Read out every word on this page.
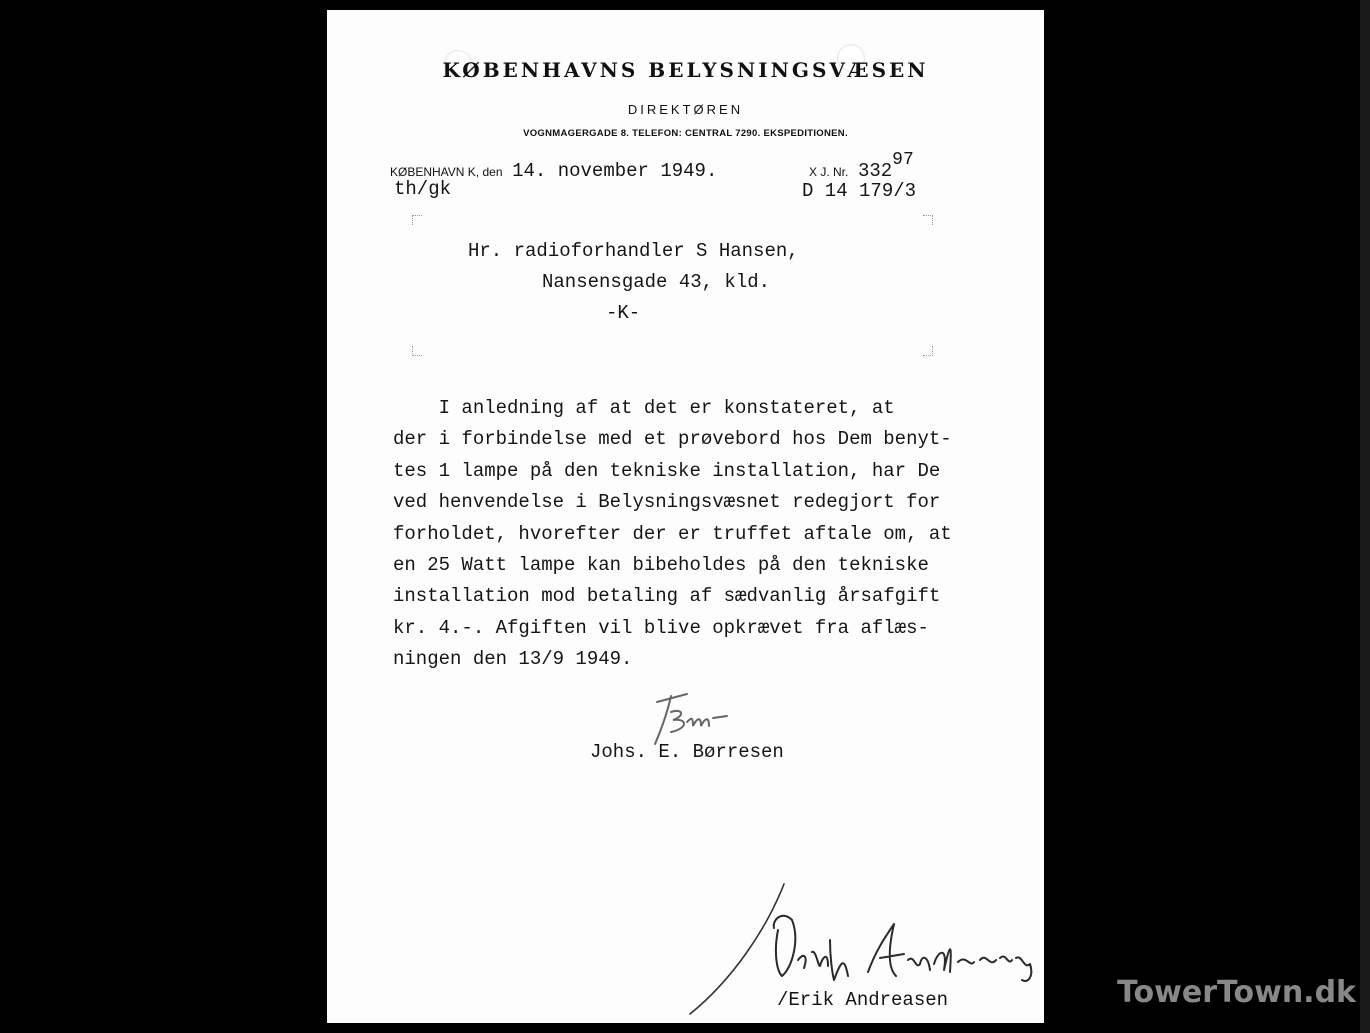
KØBENHAVNS BELYSNINGSVÆSEN
DIREKTØREN
VOGNMAGERGADE 8. TELEFON: CENTRAL 7290. EKSPEDITIONEN.
KØBENHAVN K, den 14. november 1949.
th/gk
X J. Nr. 33297
D 14 179/3
Hr. radioforhandler S Hansen,
Nansensgade 43, kld.
-K-
I anledning af at det er konstateret, at
der i forbindelse med et prøvebord hos Dem benyt-
tes 1 lampe på den tekniske installation, har De
ved henvendelse i Belysningsvæsnet redegjort for
forholdet, hvorefter der er truffet aftale om, at
en 25 Watt lampe kan bibeholdes på den tekniske
installation mod betaling af sædvanlig årsafgift
kr. 4.-. Afgiften vil blive opkrævet fra aflæs-
ningen den 13/9 1949.
Johs. E. Børresen
/Erik Andreasen	TowerTown.dk
